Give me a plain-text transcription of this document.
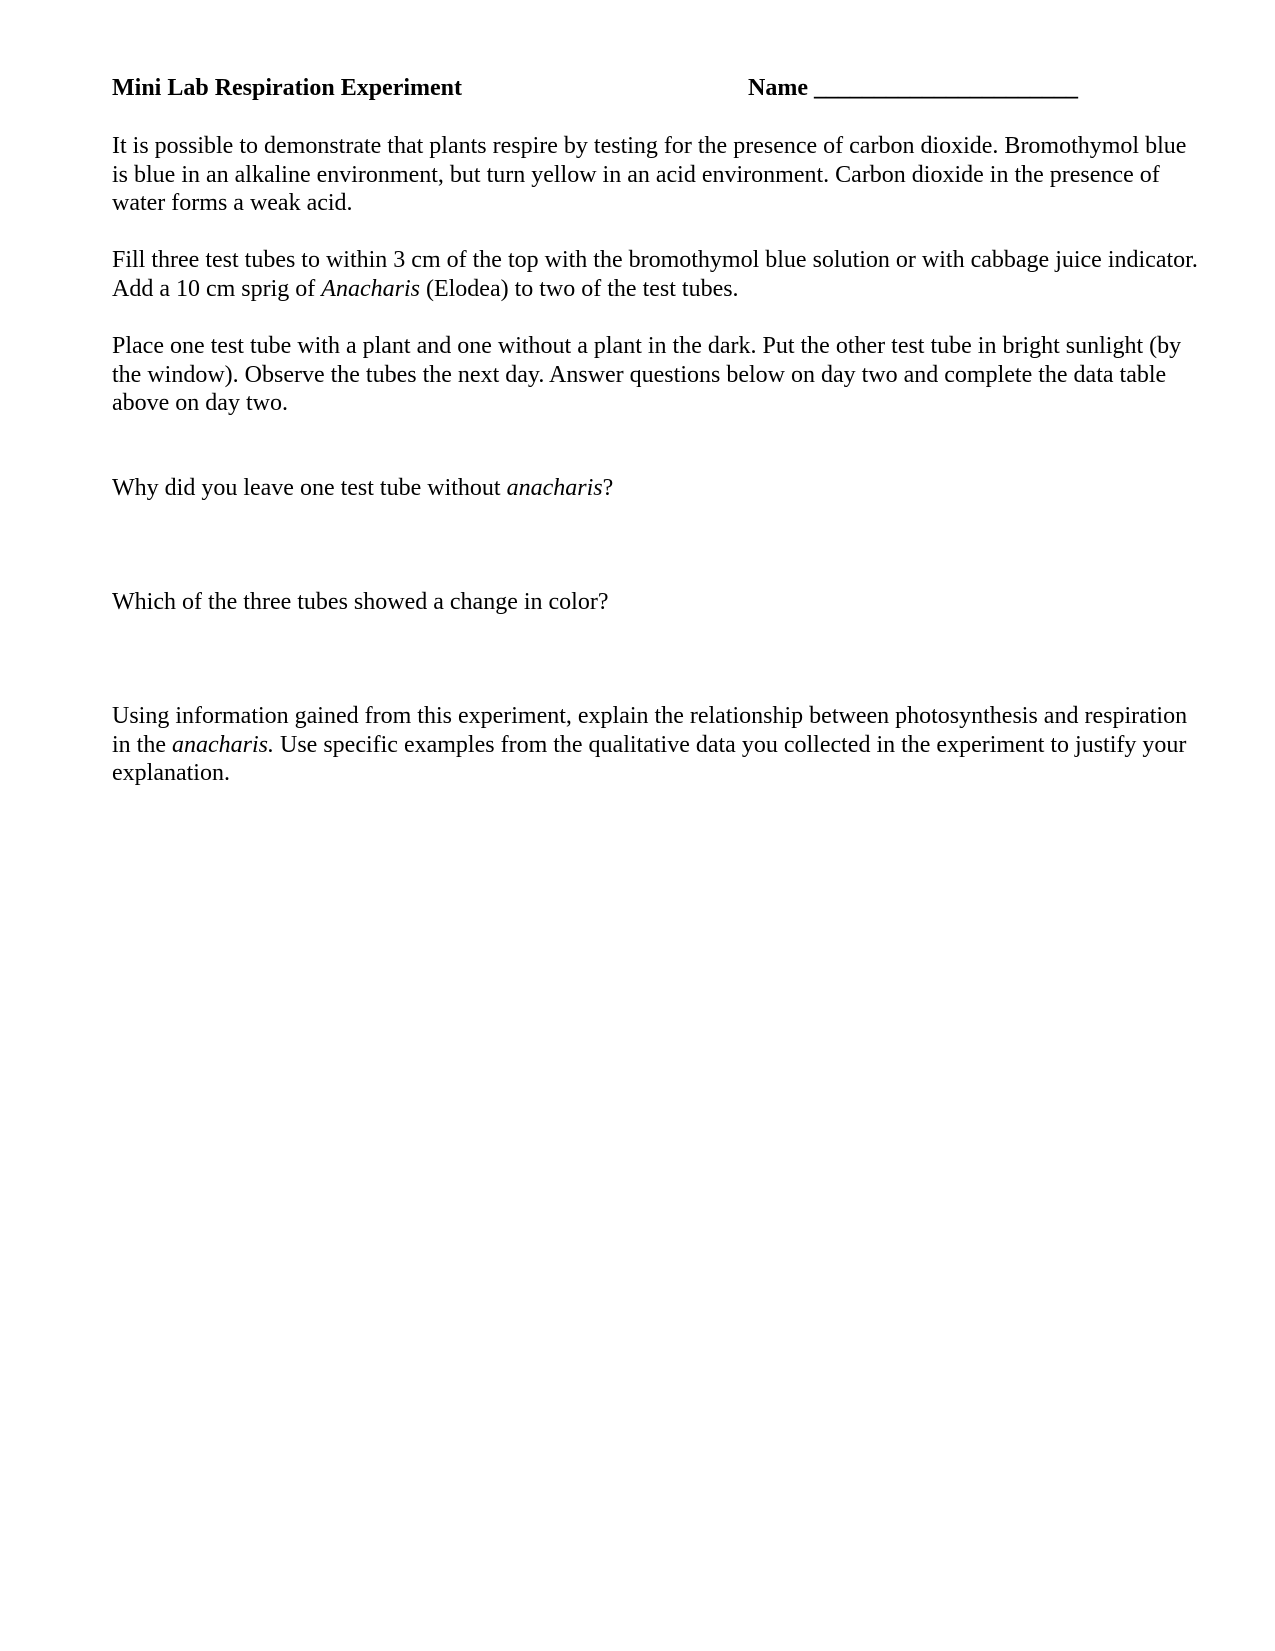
Mini Lab Respiration Experiment	Name ______________________

It is possible to demonstrate that plants respire by testing for the presence of carbon dioxide. Bromothymol blue is blue in an alkaline environment, but turn yellow in an acid environment. Carbon dioxide in the presence of water forms a weak acid.

Fill three test tubes to within 3 cm of the top with the bromothymol blue solution or with cabbage juice indicator. Add a 10 cm sprig of Anacharis (Elodea) to two of the test tubes.

Place one test tube with a plant and one without a plant in the dark. Put the other test tube in bright sunlight (by the window). Observe the tubes the next day. Answer questions below on day two and complete the data table above on day two.

Why did you leave one test tube without anacharis?

Which of the three tubes showed a change in color?

Using information gained from this experiment, explain the relationship between photosynthesis and respiration in the anacharis. Use specific examples from the qualitative data you collected in the experiment to justify your explanation.
